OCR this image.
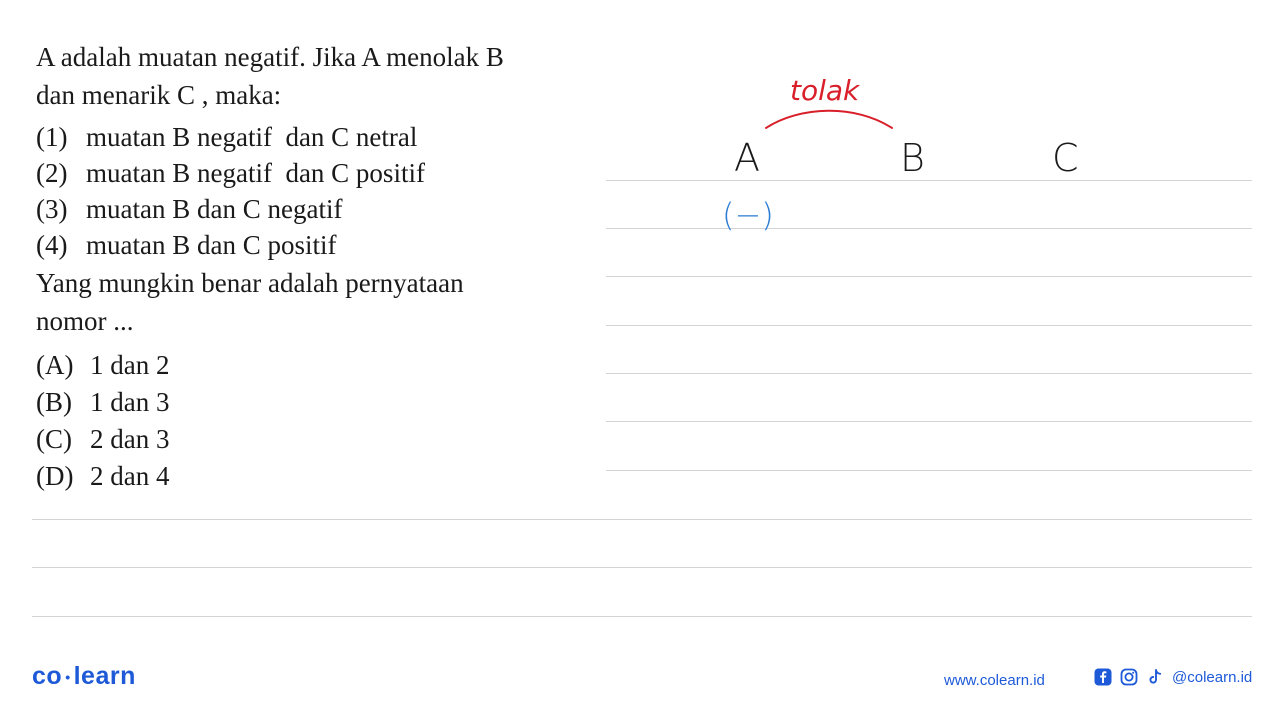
A adalah muatan negatif. Jika A menolak B
dan menarik C , maka:
(1) muatan B negatif  dan C netral
(2) muatan B negatif  dan C positif
(3) muatan B dan C negatif
(4) muatan B dan C positif
Yang mungkin benar adalah pernyataan
nomor ...
(A) 1 dan 2
(B) 1 dan 3
(C) 2 dan 3
(D) 2 dan 4
tolak
A	B	C
(−)
co • learn	www.colearn.id	@colearn.id
